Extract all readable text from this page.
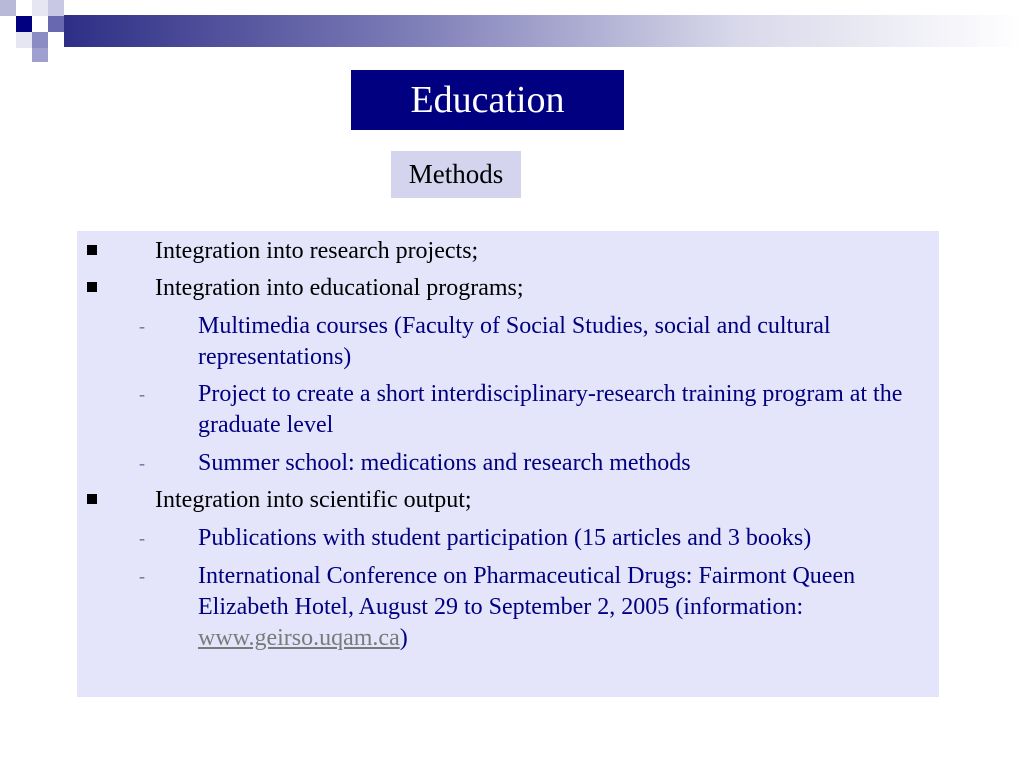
Education
Methods
Integration into research projects;
Integration into educational programs;
- Multimedia courses (Faculty of Social Studies, social and cultural representations)
- Project to create a short interdisciplinary-research training program at the graduate level
- Summer school: medications and research methods
Integration into scientific output;
- Publications with student participation (15 articles and 3 books)
- International Conference on Pharmaceutical Drugs: Fairmont Queen Elizabeth Hotel, August 29 to September 2, 2005 (information: www.geirso.uqam.ca)
